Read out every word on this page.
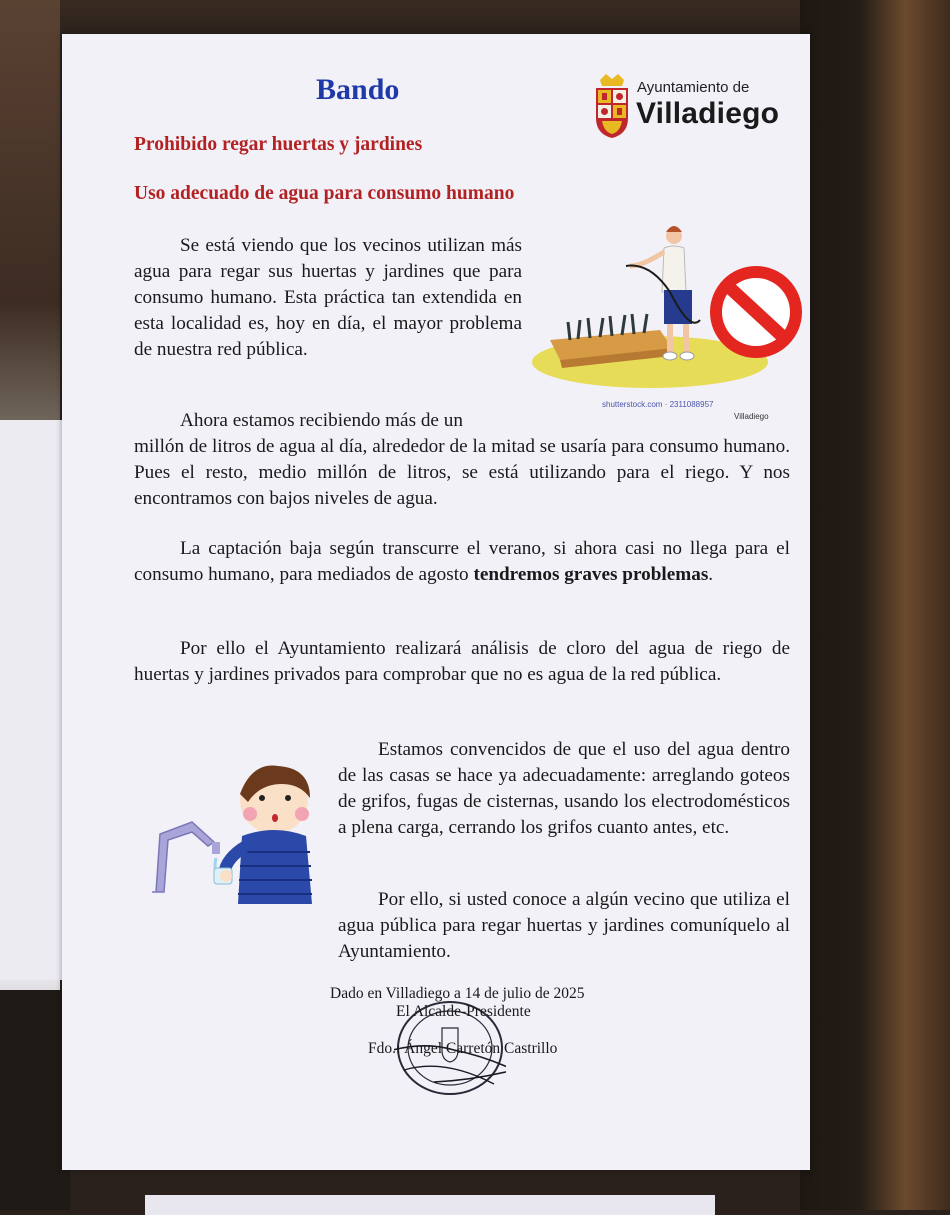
Bando
Prohibido regar huertas y jardines
Uso adecuado de agua para consumo humano
Ayuntamiento de
Villadiego

Se está viendo que los vecinos utilizan más agua para regar sus huertas y jardines que para consumo humano. Esta práctica tan extendida en esta localidad es, hoy en día, el mayor problema de nuestra red pública.

shutterstock.com · 2311088957
Villadiego

Ahora estamos recibiendo más de un

millón de litros de agua al día, alrededor de la mitad se usaría para consumo humano. Pues el resto, medio millón de litros, se está utilizando para el riego. Y nos encontramos con bajos niveles de agua.

La captación baja según transcurre el verano, si ahora casi no llega para el consumo humano, para mediados de agosto tendremos graves problemas.

Por ello el Ayuntamiento realizará análisis de cloro del agua de riego de huertas y jardines privados para comprobar que no es agua de la red pública.

Estamos convencidos de que el uso del agua dentro de las casas se hace ya adecuadamente: arreglando goteos de grifos, fugas de cisternas, usando los electrodomésticos a plena carga, cerrando los grifos cuanto antes, etc.

Por ello, si usted conoce a algún vecino que utiliza el agua pública para regar huertas y jardines comuníquelo al Ayuntamiento.

Dado en Villadiego a 14 de julio de 2025

El Alcalde-Presidente

Fdo.: Ángel Carretón Castrillo
